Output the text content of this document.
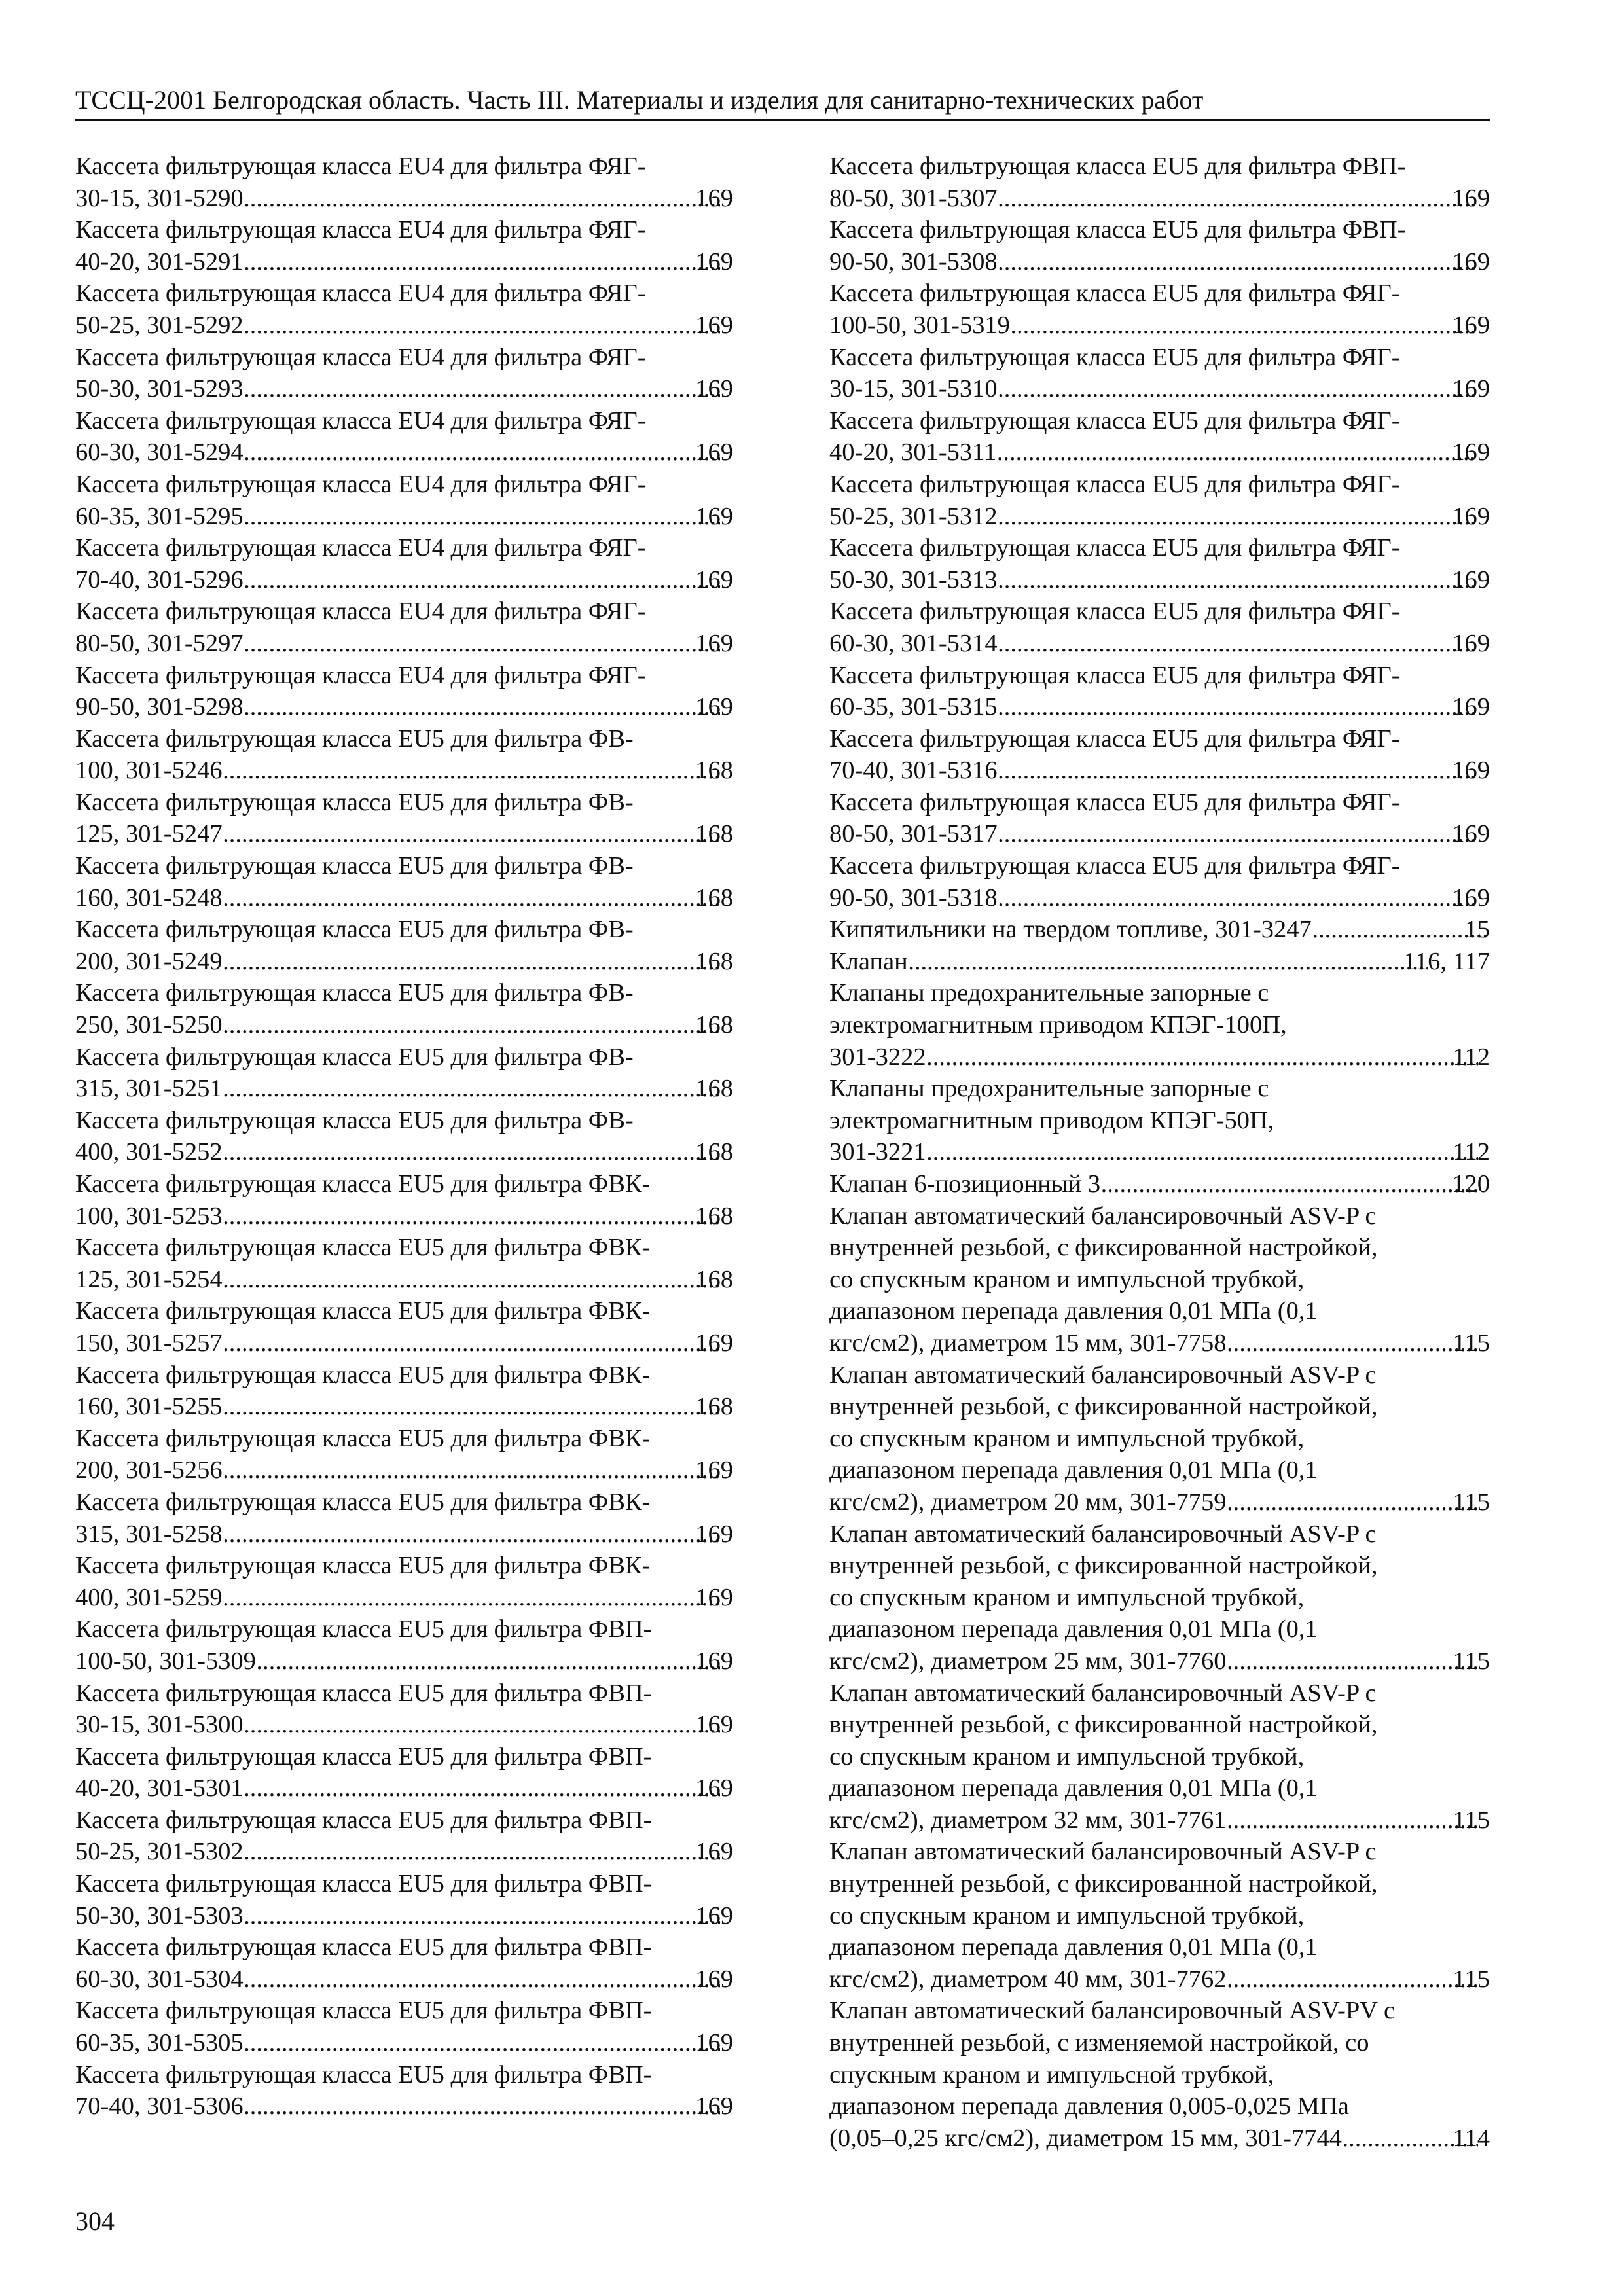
ТССЦ-2001 Белгородская область. Часть III. Материалы и изделия для санитарно-технических работ
Кассета фильтрующая класса EU4 для фильтра ФЯГ-
30-15, 301-5290 .....	169
Кассета фильтрующая класса EU4 для фильтра ФЯГ-
40-20, 301-5291 .....	169
Кассета фильтрующая класса EU4 для фильтра ФЯГ-
50-25, 301-5292 .....	169
Кассета фильтрующая класса EU4 для фильтра ФЯГ-
50-30, 301-5293 .....	169
Кассета фильтрующая класса EU4 для фильтра ФЯГ-
60-30, 301-5294 .....	169
Кассета фильтрующая класса EU4 для фильтра ФЯГ-
60-35, 301-5295 .....	169
Кассета фильтрующая класса EU4 для фильтра ФЯГ-
70-40, 301-5296 .....	169
Кассета фильтрующая класса EU4 для фильтра ФЯГ-
80-50, 301-5297 .....	169
Кассета фильтрующая класса EU4 для фильтра ФЯГ-
90-50, 301-5298 .....	169
Кассета фильтрующая класса EU5 для фильтра ФВ-
100, 301-5246 .....	168
Кассета фильтрующая класса EU5 для фильтра ФВ-
125, 301-5247 .....	168
Кассета фильтрующая класса EU5 для фильтра ФВ-
160, 301-5248 .....	168
Кассета фильтрующая класса EU5 для фильтра ФВ-
200, 301-5249 .....	168
Кассета фильтрующая класса EU5 для фильтра ФВ-
250, 301-5250 .....	168
Кассета фильтрующая класса EU5 для фильтра ФВ-
315, 301-5251 .....	168
Кассета фильтрующая класса EU5 для фильтра ФВ-
400, 301-5252 .....	168
Кассета фильтрующая класса EU5 для фильтра ФВК-
100, 301-5253 .....	168
Кассета фильтрующая класса EU5 для фильтра ФВК-
125, 301-5254 .....	168
Кассета фильтрующая класса EU5 для фильтра ФВК-
150, 301-5257 .....	169
Кассета фильтрующая класса EU5 для фильтра ФВК-
160, 301-5255 .....	168
Кассета фильтрующая класса EU5 для фильтра ФВК-
200, 301-5256 .....	169
Кассета фильтрующая класса EU5 для фильтра ФВК-
315, 301-5258 .....	169
Кассета фильтрующая класса EU5 для фильтра ФВК-
400, 301-5259 .....	169
Кассета фильтрующая класса EU5 для фильтра ФВП-
100-50, 301-5309 .....	169
Кассета фильтрующая класса EU5 для фильтра ФВП-
30-15, 301-5300 .....	169
Кассета фильтрующая класса EU5 для фильтра ФВП-
40-20, 301-5301 .....	169
Кассета фильтрующая класса EU5 для фильтра ФВП-
50-25, 301-5302 .....	169
Кассета фильтрующая класса EU5 для фильтра ФВП-
50-30, 301-5303 .....	169
Кассета фильтрующая класса EU5 для фильтра ФВП-
60-30, 301-5304 .....	169
Кассета фильтрующая класса EU5 для фильтра ФВП-
60-35, 301-5305 .....	169
Кассета фильтрующая класса EU5 для фильтра ФВП-
70-40, 301-5306 .....	169
Кассета фильтрующая класса EU5 для фильтра ФВП-
80-50, 301-5307 .....	169
Кассета фильтрующая класса EU5 для фильтра ФВП-
90-50, 301-5308 .....	169
Кассета фильтрующая класса EU5 для фильтра ФЯГ-
100-50, 301-5319 .....	169
Кассета фильтрующая класса EU5 для фильтра ФЯГ-
30-15, 301-5310 .....	169
Кассета фильтрующая класса EU5 для фильтра ФЯГ-
40-20, 301-5311 .....	169
Кассета фильтрующая класса EU5 для фильтра ФЯГ-
50-25, 301-5312 .....	169
Кассета фильтрующая класса EU5 для фильтра ФЯГ-
50-30, 301-5313 .....	169
Кассета фильтрующая класса EU5 для фильтра ФЯГ-
60-30, 301-5314 .....	169
Кассета фильтрующая класса EU5 для фильтра ФЯГ-
60-35, 301-5315 .....	169
Кассета фильтрующая класса EU5 для фильтра ФЯГ-
70-40, 301-5316 .....	169
Кассета фильтрующая класса EU5 для фильтра ФЯГ-
80-50, 301-5317 .....	169
Кассета фильтрующая класса EU5 для фильтра ФЯГ-
90-50, 301-5318 .....	169
Кипятильники на твердом топливе, 301-3247 .....	15
Клапан .....	116, 117
Клапаны предохранительные запорные с
электромагнитным приводом КПЭГ-100П,
301-3222 .....	112
Клапаны предохранительные запорные с
электромагнитным приводом КПЭГ-50П,
301-3221 .....	112
Клапан 6-позиционный 3 .....	120
Клапан автоматический балансировочный ASV-P с
внутренней резьбой, с фиксированной настройкой,
со спускным краном и импульсной трубкой,
диапазоном перепада давления 0,01 МПа (0,1
кгс/см2), диаметром 15 мм, 301-7758 .....	115
Клапан автоматический балансировочный ASV-P с
внутренней резьбой, с фиксированной настройкой,
со спускным краном и импульсной трубкой,
диапазоном перепада давления 0,01 МПа (0,1
кгс/см2), диаметром 20 мм, 301-7759 .....	115
Клапан автоматический балансировочный ASV-P с
внутренней резьбой, с фиксированной настройкой,
со спускным краном и импульсной трубкой,
диапазоном перепада давления 0,01 МПа (0,1
кгс/см2), диаметром 25 мм, 301-7760 .....	115
Клапан автоматический балансировочный ASV-P с
внутренней резьбой, с фиксированной настройкой,
со спускным краном и импульсной трубкой,
диапазоном перепада давления 0,01 МПа (0,1
кгс/см2), диаметром 32 мм, 301-7761 .....	115
Клапан автоматический балансировочный ASV-P с
внутренней резьбой, с фиксированной настройкой,
со спускным краном и импульсной трубкой,
диапазоном перепада давления 0,01 МПа (0,1
кгс/см2), диаметром 40 мм, 301-7762 .....	115
Клапан автоматический балансировочный ASV-PV с
внутренней резьбой, с изменяемой настройкой, со
спускным краном и импульсной трубкой,
диапазоном перепада давления 0,005-0,025 МПа
(0,05–0,25 кгс/см2), диаметром 15 мм, 301-7744 .....	114
304
